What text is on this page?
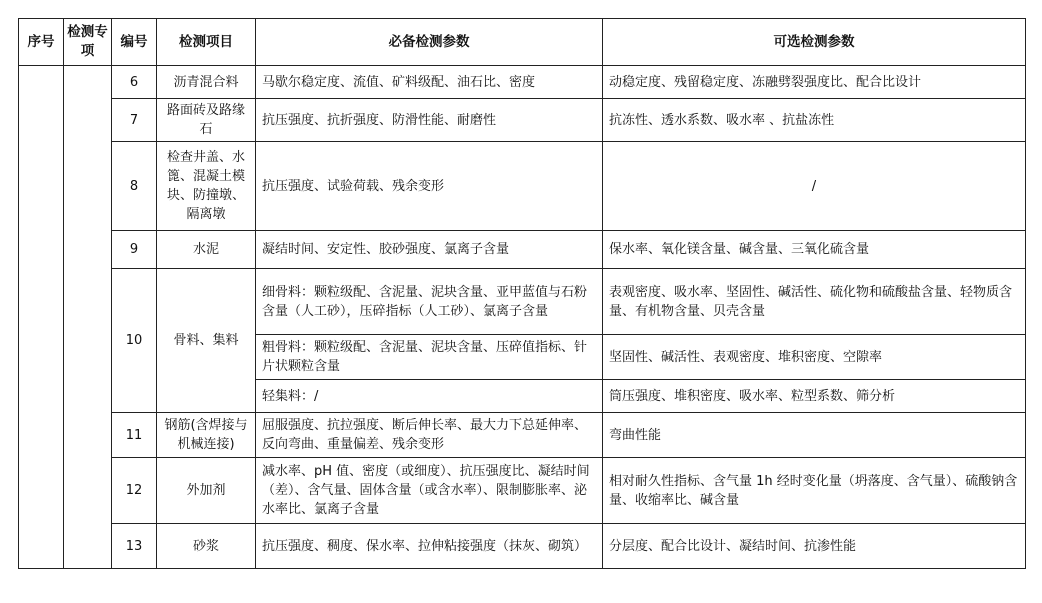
序号	检测专项	编号	检测项目	必备检测参数	可选检测参数
		6	沥青混合料	马歇尔稳定度、流值、矿料级配、油石比、密度	动稳定度、残留稳定度、冻融劈裂强度比、配合比设计
		7	路面砖及路缘石	抗压强度、抗折强度、防滑性能、耐磨性	抗冻性、透水系数、吸水率 、抗盐冻性
		8	检查井盖、水篦、混凝土模块、防撞墩、隔离墩	抗压强度、试验荷载、残余变形	/
		9	水泥	凝结时间、安定性、胶砂强度、氯离子含量	保水率、氧化镁含量、碱含量、三氧化硫含量
		10	骨料、集料	细骨料：颗粒级配、含泥量、泥块含量、亚甲蓝值与石粉含量（人工砂），压碎指标（人工砂）、氯离子含量	表观密度、吸水率、坚固性、碱活性、硫化物和硫酸盐含量、轻物质含量、有机物含量、贝壳含量
				粗骨料：颗粒级配、含泥量、泥块含量、压碎值指标、针片状颗粒含量	坚固性、碱活性、表观密度、堆积密度、空隙率
				轻集料：/	筒压强度、堆积密度、吸水率、粒型系数、筛分析
		11	钢筋(含焊接与机械连接)	屈服强度、抗拉强度、断后伸长率、最大力下总延伸率、反向弯曲、重量偏差、残余变形	弯曲性能
		12	外加剂	减水率、pH 值、密度（或细度）、抗压强度比、凝结时间（差）、含气量、固体含量（或含水率）、限制膨胀率、泌水率比、氯离子含量	相对耐久性指标、含气量 1h 经时变化量（坍落度、含气量）、硫酸钠含量、收缩率比、碱含量
		13	砂浆	抗压强度、稠度、保水率、拉伸粘接强度（抹灰、砌筑）	分层度、配合比设计、凝结时间、抗渗性能
